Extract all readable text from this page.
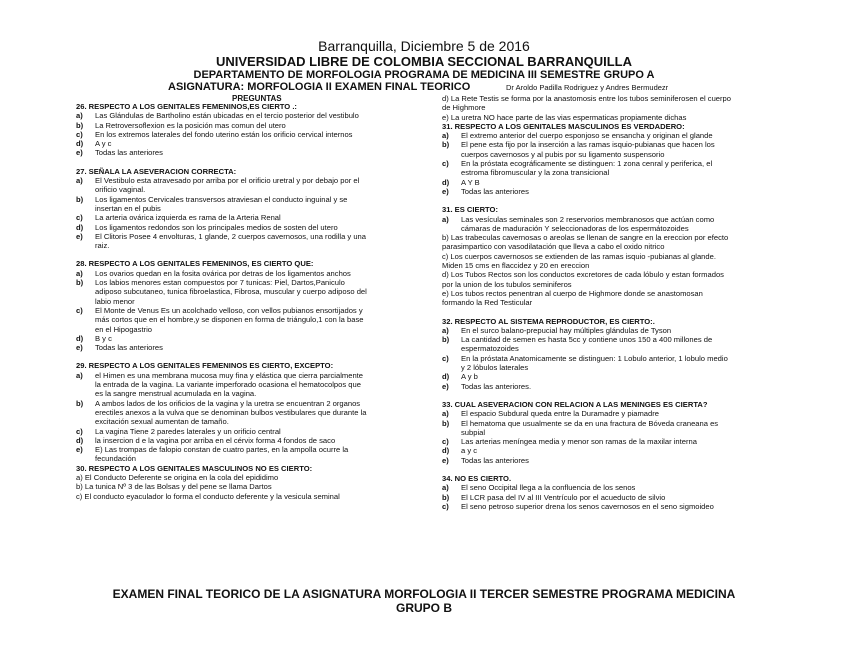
Barranquilla, Diciembre 5 de 2016
UNIVERSIDAD LIBRE DE COLOMBIA SECCIONAL BARRANQUILLA
DEPARTAMENTO DE MORFOLOGIA PROGRAMA DE MEDICINA III SEMESTRE GRUPO A
ASIGNATURA: MORFOLOGIA II EXAMEN FINAL TEORICO	Dr Aroldo Padilla Rodriguez y Andres Bermudezr
PREGUNTAS
26. RESPECTO A LOS GENITALES FEMENINOS,ES CIERTO .:
a)	Las Glándulas de Bartholino están ubicadas en el tercio posterior del vestibulo
b)	La Retroversoflexion es la posición mas comun del utero
c)	En los extremos laterales del fondo uterino están los orificio cervical internos
d)	A y c
e)	Todas las anteriores
27. SEÑALA LA ASEVERACION CORRECTA:
a)	El Vestibulo esta atravesado por arriba por el orificio uretral y por debajo por el
orificio vaginal.
b)	Los ligamentos Cervicales transversos atraviesan el conducto inguinal y se
insertan en el pubis
c)	La arteria ovárica izquierda es rama de la Arteria Renal
d)	Los ligamentos redondos son los principales medios de sosten del utero
e)	El Clitoris Posee 4 envolturas, 1 glande, 2 cuerpos cavernosos, una rodilla y una
raiz.
28. RESPECTO A LOS GENITALES FEMENINOS, ES CIERTO QUE:
a)	Los ovarios quedan en la fosita ovárica por detras de los ligamentos anchos
b)	Los labios menores estan compuestos por 7 tunicas: Piel, Dartos,Paniculo
adiposo subcutaneo, tunica fibroelastica, Fibrosa, muscular y cuerpo adiposo del
labio menor
c)	El Monte de Venus Es un acolchado velloso, con vellos pubianos ensortijados y
más cortos que en el hombre,y se disponen en forma de triángulo,1 con la base
en el Hipogastrio
d)	B y c
e)	Todas las anteriores
29. RESPECTO A LOS GENITALES FEMENINOS ES CIERTO, EXCEPTO:
a)	el Himen es una membrana mucosa muy fina y elástica que cierra parcialmente
la entrada de la vagina. La variante imperforado ocasiona el hematocolpos que
es la sangre menstrual acumulada en la vagina.
b)	A ambos lados de los orificios de la vagina y la uretra se encuentran 2 organos
erectiles anexos a la vulva que se denominan bulbos vestibulares que durante la
excitación sexual aumentan de tamaño.
c)	La vagina Tiene 2 paredes laterales y un orificio central
d)	la insercion d e la vagina por arriba en el cérvix forma 4 fondos de saco
e)	E) Las trompas de falopio constan de cuatro partes, en la ampolla ocurre la
fecundación
30. RESPECTO A LOS GENITALES MASCULINOS NO ES CIERTO:
a) El Conducto Deferente se origina en la cola del epididimo
b) La tunica Nº 3 de las Bolsas y del pene se llama Dartos
c) El conducto eyaculador lo forma el conducto deferente y la vesicula seminal
d) La Rete Testis se forma por la anastomosis entre los tubos seminiferosen el cuerpo
de Highmore
e) La uretra NO hace parte de las vias espermaticas propiamente dichas
31. RESPECTO A LOS GENITALES MASCULINOS ES VERDADERO:
a)	El extremo anterior del cuerpo esponjoso se ensancha y originan el glande
b)	El pene esta fijo por la inserción a las ramas isquio-pubianas que hacen los
cuerpos cavernosos y al pubis por su ligamento suspensorio
c)	En la próstata ecográficamente se distinguen: 1 zona cenral y periferica, el
estroma fibromuscular y la zona transicional
d)	A Y B
e)	Todas las anteriores
31. ES CIERTO:
a)	Las vesículas seminales son 2 reservorios membranosos que actúan como
cámaras de maduración Y seleccionadoras de los espermátozoides
b) Las trabeculas cavernosas o areolas se llenan de sangre en la ereccion por efecto
parasimpartico con vasodilatación que lleva a cabo el oxido nitrico
c) Los cuerpos cavernosos se extienden de las ramas isquio -pubianas al glande.
Miden 15 cms en flaccidez y 20 en ereccion
d) Los Tubos Rectos son los conductos excretores de cada lóbulo y estan formados
por la union de los tubulos seminiferos
e) Los tubos rectos penentran al cuerpo de Highmore donde se anastomosan
formando la Red Testicular
32. RESPECTO AL SISTEMA REPRODUCTOR, ES CIERTO:.
a)	En el surco balano-prepucial hay múltiples glándulas de Tyson
b)	La cantidad de semen es hasta 5cc y contiene unos 150 a 400 millones de
espermatozoides
c)	En la próstata Anatomicamente se distinguen: 1 Lobulo anterior, 1 lobulo medio
y 2 lóbulos laterales
d)	A y b
e)	Todas las anteriores.
33. CUAL ASEVERACION CON RELACION A LAS MENINGES ES CIERTA?
a)	El espacio Subdural queda entre la Duramadre y piamadre
b)	El hematoma que usualmente se da en una fractura de Bóveda craneana es
subpial
c)	Las arterias meníngea media y menor son ramas de la maxilar interna
d)	a y c
e)	Todas las anteriores
34. NO ES CIERTO.
a)	El seno Occipital llega a la confluencia de los senos
b)	El LCR pasa del IV al III Ventrículo por el acueducto de silvio
c)	El seno petroso superior drena los senos cavernosos en el seno sigmoideo
EXAMEN FINAL TEORICO DE LA ASIGNATURA MORFOLOGIA II TERCER SEMESTRE PROGRAMA MEDICINA
GRUPO B
